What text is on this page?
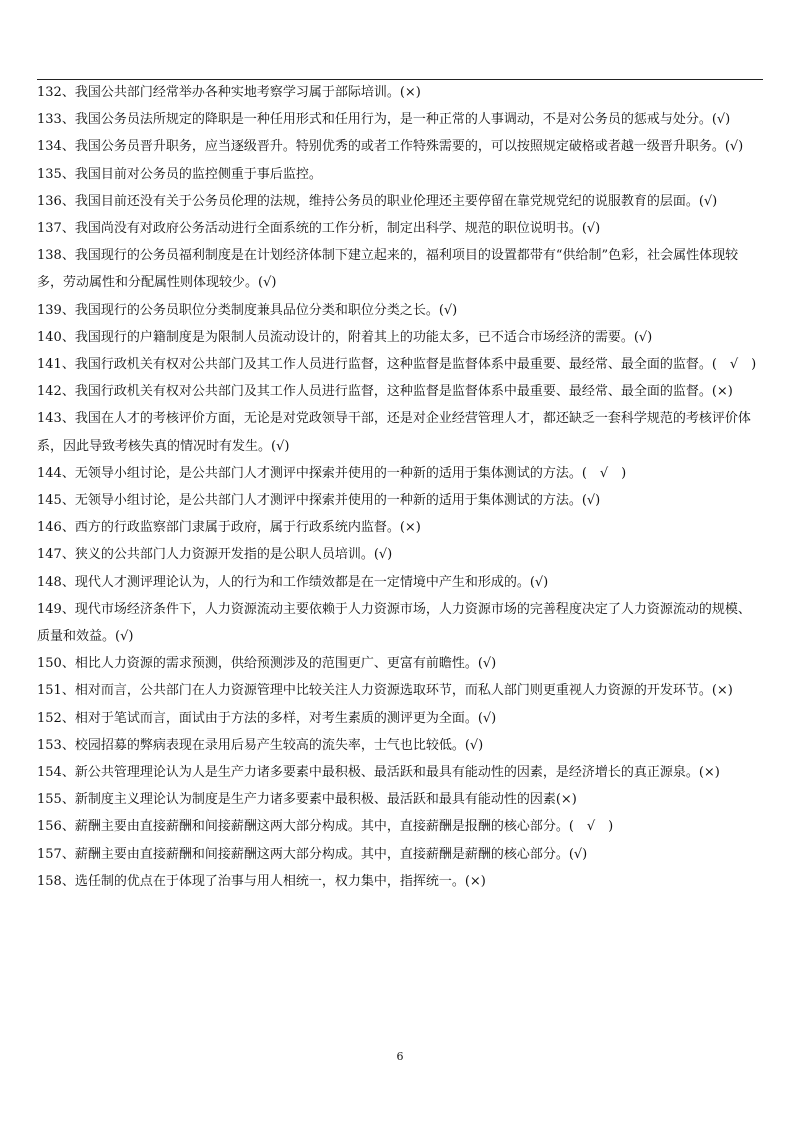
132、我国公共部门经常举办各种实地考察学习属于部际培训。(×)

133、我国公务员法所规定的降职是一种任用形式和任用行为，是一种正常的人事调动，不是对公务员的惩戒与处分。(√)

134、我国公务员晋升职务，应当逐级晋升。特别优秀的或者工作特殊需要的，可以按照规定破格或者越一级晋升职务。(√)

135、我国目前对公务员的监控侧重于事后监控。

136、我国目前还没有关于公务员伦理的法规，维持公务员的职业伦理还主要停留在靠党规党纪的说服教育的层面。(√)

137、我国尚没有对政府公务活动进行全面系统的工作分析，制定出科学、规范的职位说明书。(√)

138、我国现行的公务员福利制度是在计划经济体制下建立起来的，福利项目的设置都带有“供给制”色彩，社会属性体现较多，劳动属性和分配属性则体现较少。(√)

139、我国现行的公务员职位分类制度兼具品位分类和职位分类之长。(√)

140、我国现行的户籍制度是为限制人员流动设计的，附着其上的功能太多，已不适合市场经济的需要。(√)

141、我国行政机关有权对公共部门及其工作人员进行监督，这种监督是监督体系中最重要、最经常、最全面的监督。(　√　)

142、我国行政机关有权对公共部门及其工作人员进行监督，这种监督是监督体系中最重要、最经常、最全面的监督。(×)

143、我国在人才的考核评价方面，无论是对党政领导干部，还是对企业经营管理人才，都还缺乏一套科学规范的考核评价体系，因此导致考核失真的情况时有发生。(√)

144、无领导小组讨论，是公共部门人才测评中探索并使用的一种新的适用于集体测试的方法。(　√　)

145、无领导小组讨论，是公共部门人才测评中探索并使用的一种新的适用于集体测试的方法。(√)

146、西方的行政监察部门隶属于政府，属于行政系统内监督。(×)

147、狭义的公共部门人力资源开发指的是公职人员培训。(√)

148、现代人才测评理论认为，人的行为和工作绩效都是在一定情境中产生和形成的。(√)

149、现代市场经济条件下，人力资源流动主要依赖于人力资源市场，人力资源市场的完善程度决定了人力资源流动的规模、质量和效益。(√)

150、相比人力资源的需求预测，供给预测涉及的范围更广、更富有前瞻性。(√)

151、相对而言，公共部门在人力资源管理中比较关注人力资源选取环节，而私人部门则更重视人力资源的开发环节。(×)

152、相对于笔试而言，面试由于方法的多样，对考生素质的测评更为全面。(√)

153、校园招募的弊病表现在录用后易产生较高的流失率，士气也比较低。(√)

154、新公共管理理论认为人是生产力诸多要素中最积极、最活跃和最具有能动性的因素，是经济增长的真正源泉。(×)

155、新制度主义理论认为制度是生产力诸多要素中最积极、最活跃和最具有能动性的因素(×)

156、薪酬主要由直接薪酬和间接薪酬这两大部分构成。其中，直接薪酬是报酬的核心部分。(　√　)

157、薪酬主要由直接薪酬和间接薪酬这两大部分构成。其中，直接薪酬是薪酬的核心部分。(√)

158、选任制的优点在于体现了治事与用人相统一，权力集中，指挥统一。(×)

6
